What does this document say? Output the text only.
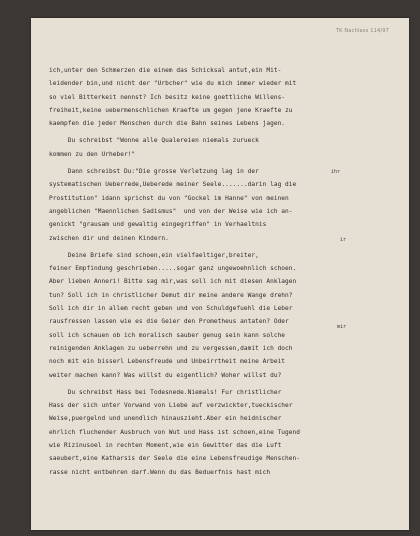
TK Nachlass 114/97
ich,unter den Schmerzen die einem das Schicksal antut,ein Mit-
leidender bin,und nicht der "Urbcher" wie du mich immer wieder mit
so viel Bitterkeit nennst? Ich besitz keine goettliche Willens-
freiheit,keine uebermenschlichen Kraefte um gegen jene Kraefte zu
kaempfen die jeder Menschen durch die Bahn seines Lebens jagen.
Du schreibst "Wonne alle Qualereien niemals zurueck
kommen zu den Urheber!"
Dann schreibst Du:"Die grosse Verletzung lag in der
systematischen Ueberrede,Ueberede meiner Seele.......darin lag die
Prostitution" idann sprichst du von "Gockel im Hanne" von meinen
angeblichen "Maennlichen Sadismus"  und von der Weise wie ich an-
genickt "grausam und gewaltig eingegriffen" in Verhaeltnis
zwischen dir und deinen Kindern.
Deine Briefe sind schoen,ein vielfaeltiger,breiter,
feiner Empfindung geschrieben.....sogar ganz ungewoehnlich schoen.
Aber lieben Anneri! Bitte sag mir,was soll ich mit diesen Anklagen
tun? Soll ich in christlicher Demut dir meine andere Wange drehn?
Soll ich dir in allem recht geben und von Schuldgefuehl die Leber
rausfressen lassen wie es die Geier den Prometheus antaten? Oder
soll ich schauen ob ich moralisch sauber genug sein kann solche
reinigenden Anklagen zu ueberrehn und zu vergessen,damit ich doch
noch mit ein bisserl Lebensfreude und Unbeirrtheit meine Arbeit
weiter machen kann? Was willst du eigentlich? Woher willst du?
Du schreibst Hass bei Todesnede.Niemals! Fur christlicher
Hass der sich unter Vorwand von Liebe auf verzwickter,tueckischer
Weise,puergelnd und unendlich hinauszieht.Aber ein heidnischer
ehrlich fluchender Ausbruch von Wut und Hass ist schoen,eine Tugend
wie Rizinusoel in rechten Moment,wie ein Gewitter das die Luft
saeubert,eine Katharsis der Seele die eine Lebensfreudige Menschen-
rasse nicht entbehren darf.Wenn du das Beduerfnis hast mich
ihr
ir
mir
